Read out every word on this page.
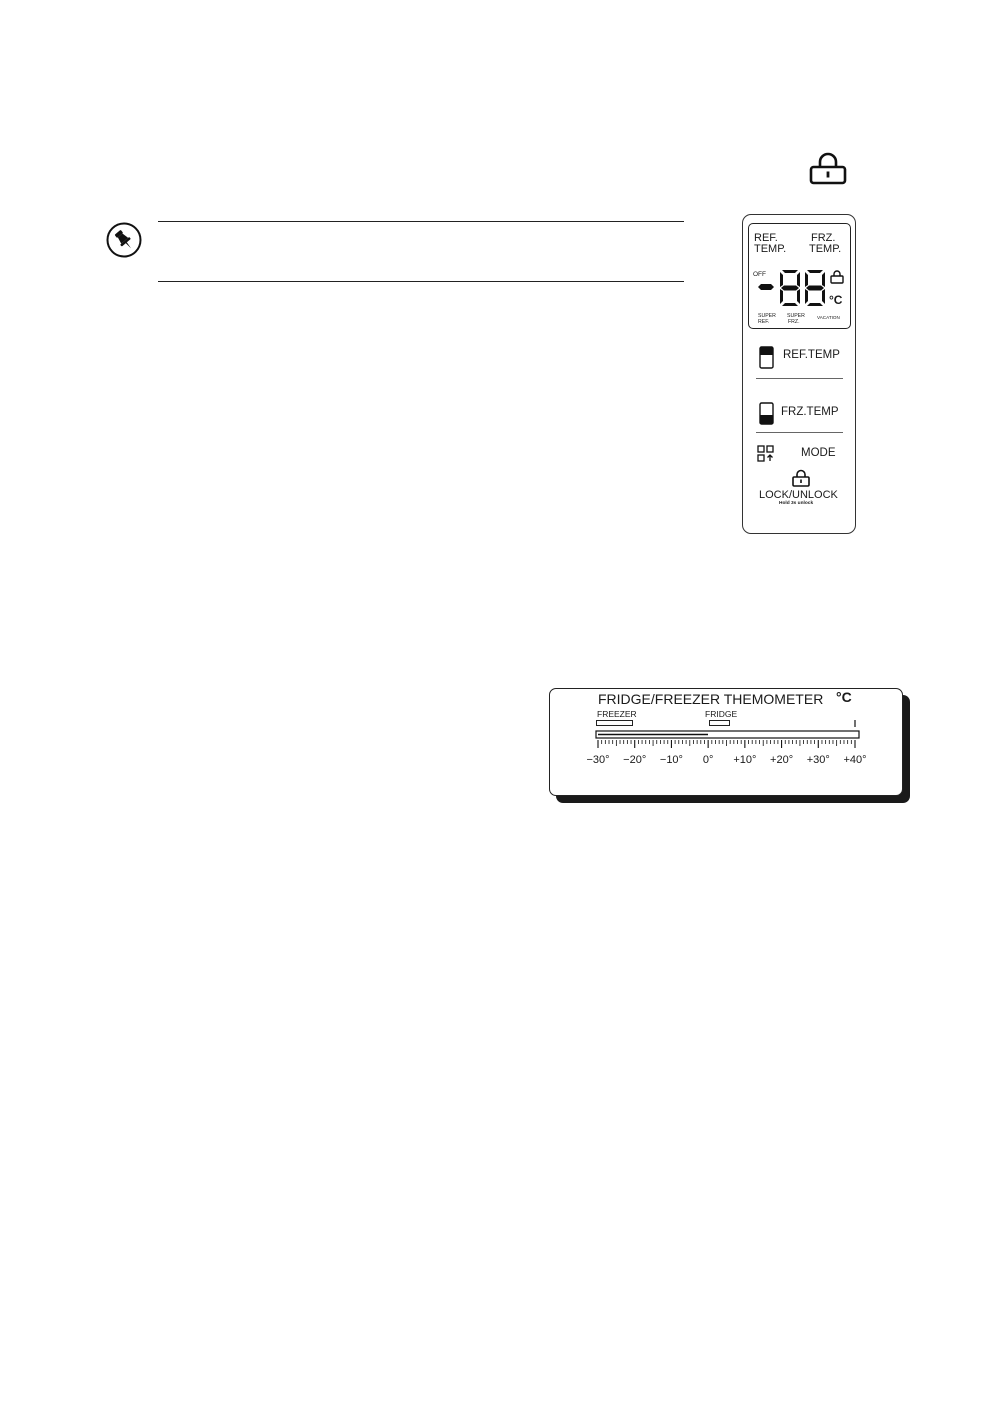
REF.
TEMP.
FRZ.
TEMP.
OFF
°C
SUPER
REF.
SUPER
FRZ.
VACATION
REF.TEMP
FRZ.TEMP
MODE
LOCK/UNLOCK
Hold 3s unlock
FRIDGE/FREEZER THEMOMETER °C
FREEZER	FRIDGE
−30° −20° −10° 0° +10° +20° +30° +40°
